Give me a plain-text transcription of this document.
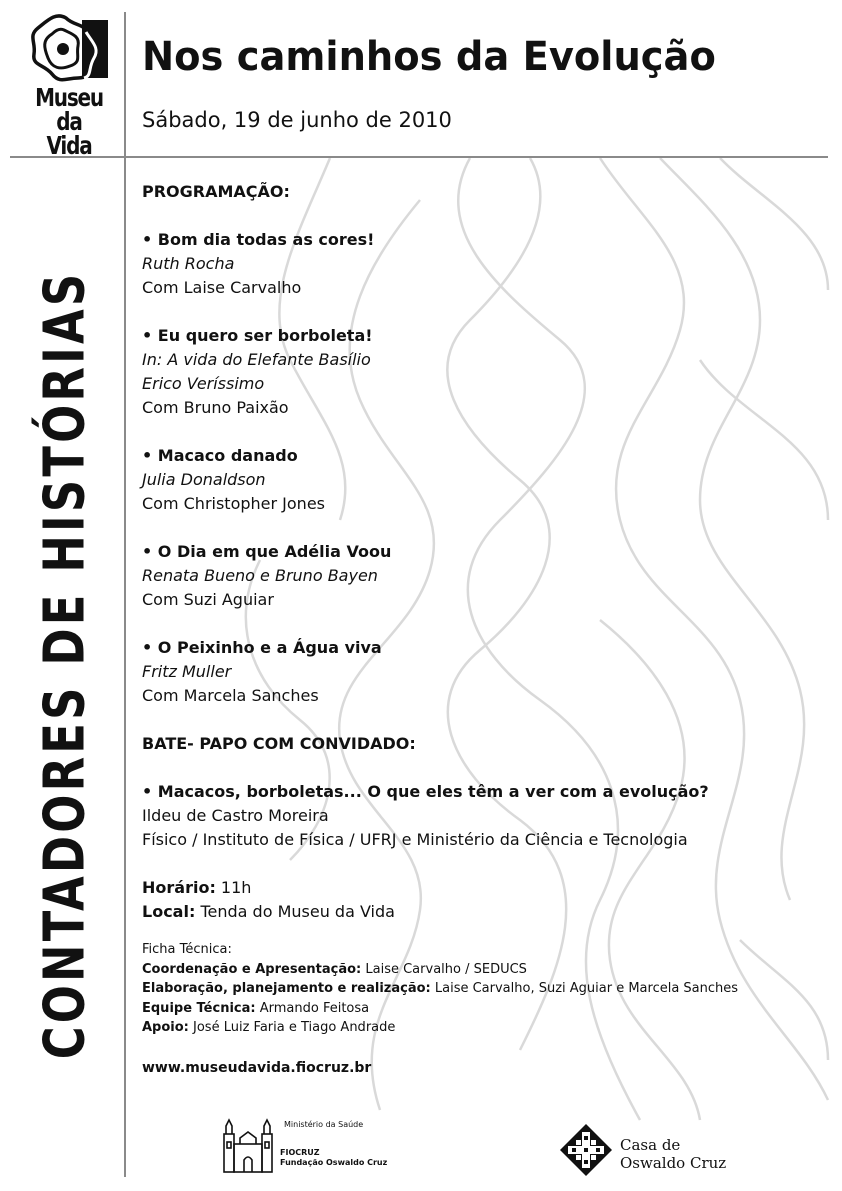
Museu
da Vida
Nos caminhos da Evolução
Sábado, 19 de junho de 2010
CONTADORES DE HISTÓRIAS

PROGRAMAÇÃO:

• Bom dia todas as cores!

Ruth Rocha

Com Laise Carvalho

• Eu quero ser borboleta!

In: A vida do Elefante Basílio

Erico Veríssimo

Com Bruno Paixão

• Macaco danado

Julia Donaldson

Com Christopher Jones

• O Dia em que Adélia Voou

Renata Bueno e Bruno Bayen

Com Suzi Aguiar

• O Peixinho e a Água viva

Fritz Muller

Com Marcela Sanches

BATE- PAPO COM CONVIDADO:

• Macacos, borboletas... O que eles têm a ver com a evolução?

Ildeu de Castro Moreira

Físico / Instituto de Física / UFRJ e Ministério da Ciência e Tecnologia

Horário: 11h

Local: Tenda do Museu da Vida

Ficha Técnica:

Coordenação e Apresentação: Laise Carvalho / SEDUCS

Elaboração, planejamento e realização: Laise Carvalho, Suzi Aguiar e Marcela Sanches

Equipe Técnica: Armando Feitosa

Apoio: José Luiz Faria e Tiago Andrade

www.museudavida.fiocruz.br

Ministério da Saúde
FIOCRUZ
Fundação Oswaldo Cruz
Casa de
Oswaldo Cruz
